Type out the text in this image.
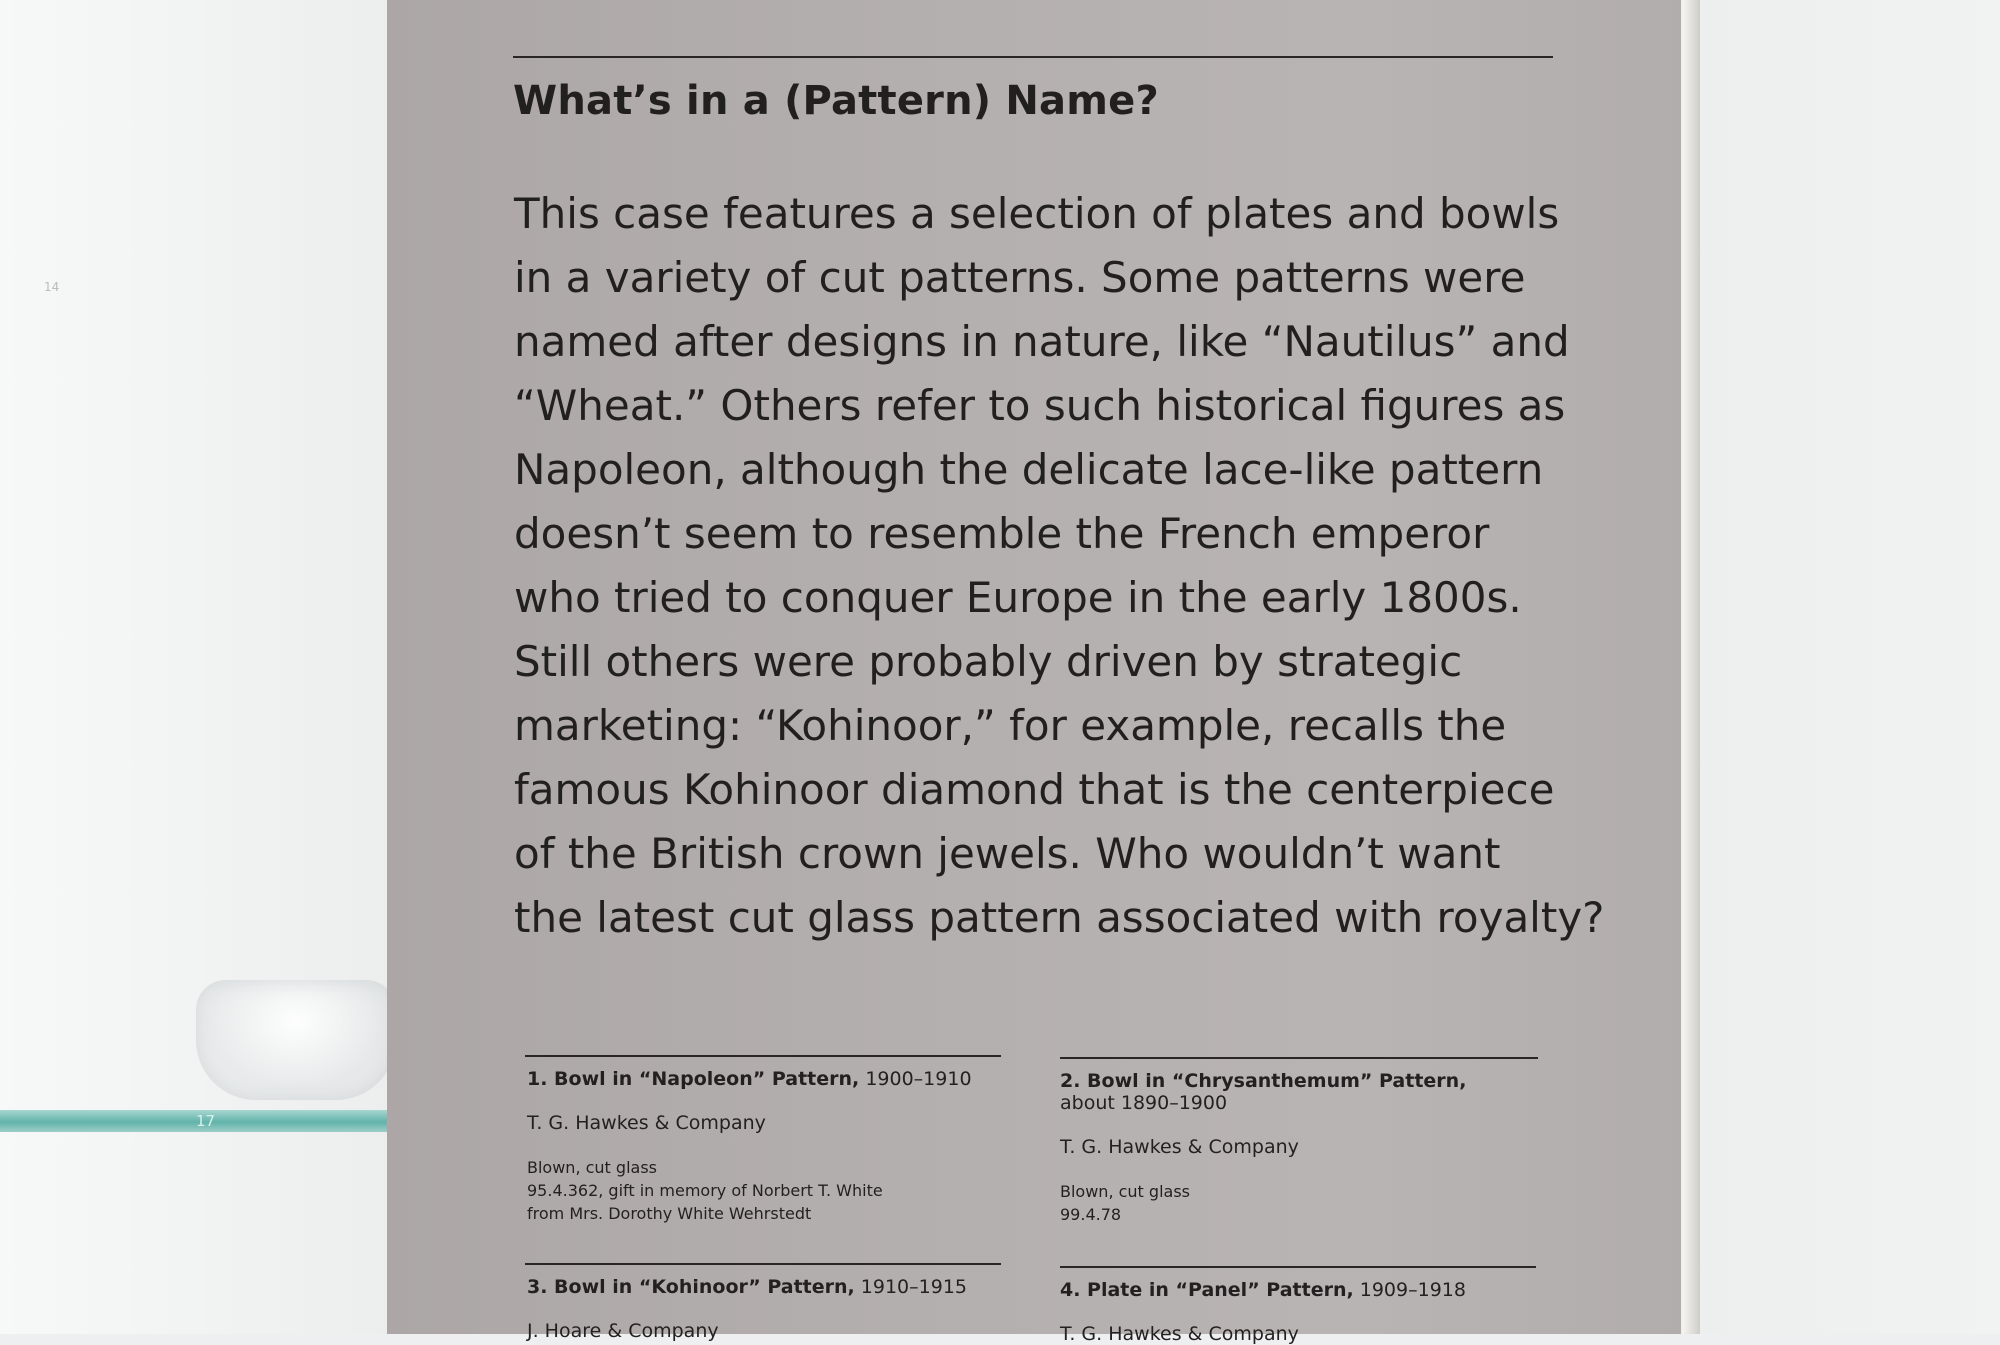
14
17
What’s in a (Pattern) Name?

This case features a selection of plates and bowls
in a variety of cut patterns. Some patterns were
named after designs in nature, like “Nautilus” and
“Wheat.” Others refer to such historical figures as
Napoleon, although the delicate lace-like pattern
doesn’t seem to resemble the French emperor
who tried to conquer Europe in the early 1800s.
Still others were probably driven by strategic
marketing: “Kohinoor,” for example, recalls the
famous Kohinoor diamond that is the centerpiece
of the British crown jewels. Who wouldn’t want
the latest cut glass pattern associated with royalty?

1. Bowl in “Napoleon” Pattern, 1900–1910
T. G. Hawkes & Company
Blown, cut glass
95.4.362, gift in memory of Norbert T. White
from Mrs. Dorothy White Wehrstedt
2. Bowl in “Chrysanthemum” Pattern,
about 1890–1900
T. G. Hawkes & Company
Blown, cut glass
99.4.78
3. Bowl in “Kohinoor” Pattern, 1910–1915
J. Hoare & Company
4. Plate in “Panel” Pattern, 1909–1918
T. G. Hawkes & Company
